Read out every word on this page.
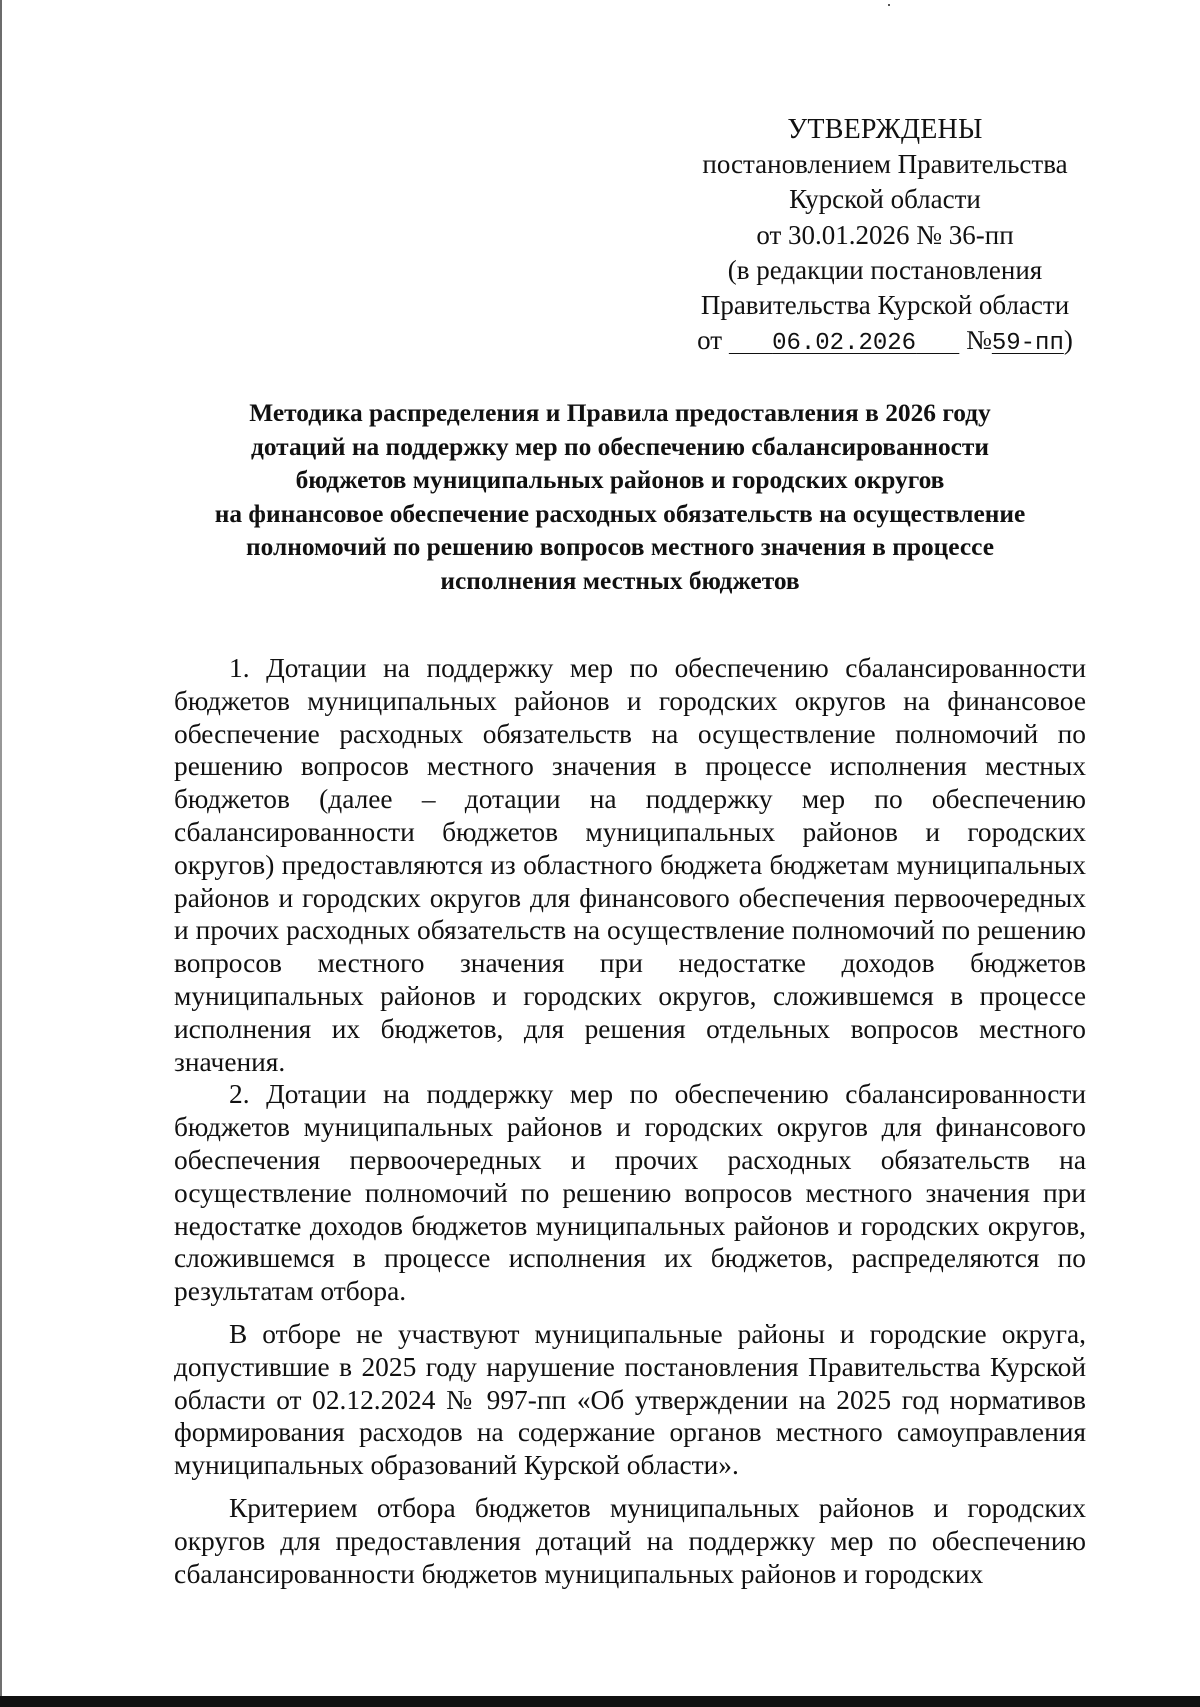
УТВЕРЖДЕНЫ
постановлением Правительства
Курской области
от 30.01.2026 № 36-пп
(в редакции постановления
Правительства Курской области
от 06.02.2026 №59-пп)
Методика распределения и Правила предоставления в 2026 году
дотаций на поддержку мер по обеспечению сбалансированности
бюджетов муниципальных районов и городских округов
на финансовое обеспечение расходных обязательств на осуществление
полномочий по решению вопросов местного значения в процессе
исполнения местных бюджетов

1. Дотации на поддержку мер по обеспечению сбалансированности бюджетов муниципальных районов и городских округов на финансовое обеспечение расходных обязательств на осуществление полномочий по решению вопросов местного значения в процессе исполнения местных бюджетов (далее – дотации на поддержку мер по обеспечению сбалансированности бюджетов муниципальных районов и городских округов) предоставляются из областного бюджета бюджетам муниципальных районов и городских округов для финансового обеспечения первоочередных и прочих расходных обязательств на осуществление полномочий по решению вопросов местного значения при недостатке доходов бюджетов муниципальных районов и городских округов, сложившемся в процессе исполнения их бюджетов, для решения отдельных вопросов местного значения.

2. Дотации на поддержку мер по обеспечению сбалансированности бюджетов муниципальных районов и городских округов для финансового обеспечения первоочередных и прочих расходных обязательств на осуществление полномочий по решению вопросов местного значения при недостатке доходов бюджетов муниципальных районов и городских округов, сложившемся в процессе исполнения их бюджетов, распределяются по результатам отбора.

В отборе не участвуют муниципальные районы и городские округа, допустившие в 2025 году нарушение постановления Правительства Курской области от 02.12.2024 № 997-пп «Об утверждении на 2025 год нормативов формирования расходов на содержание органов местного самоуправления муниципальных образований Курской области».

Критерием отбора бюджетов муниципальных районов и городских округов для предоставления дотаций на поддержку мер по обеспечению сбалансированности бюджетов муниципальных районов и городских
